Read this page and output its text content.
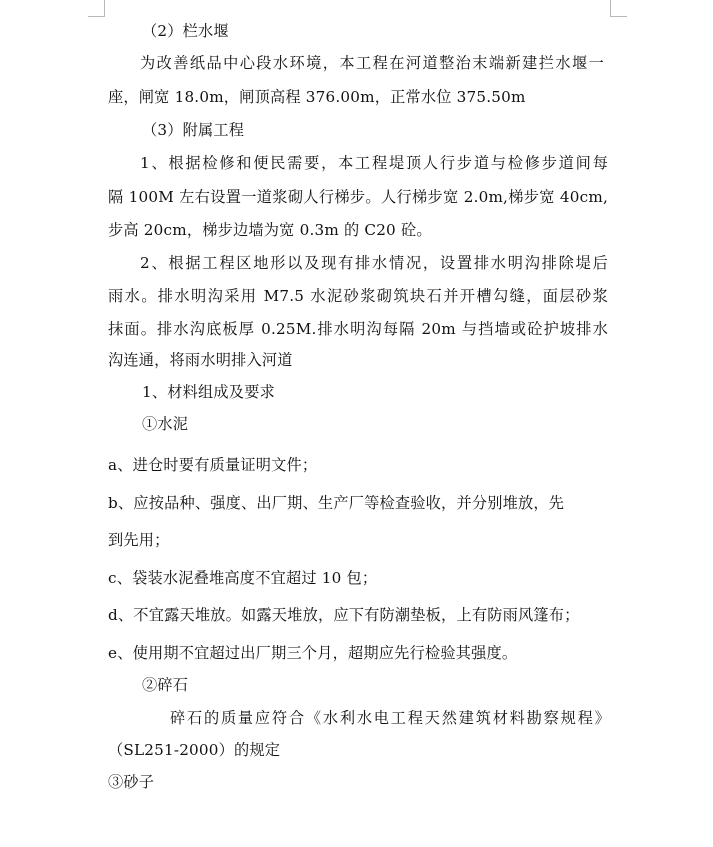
（2）栏水堰
为改善纸品中心段水环境，本工程在河道整治末端新建拦水堰一
座，闸宽 18.0m，闸顶高程 376.00m，正常水位 375.50m
（3）附属工程
1、根据检修和便民需要，本工程堤顶人行步道与检修步道间每
隔 100M 左右设置一道浆砌人行梯步。人行梯步宽 2.0m,梯步宽 40cm,
步高 20cm，梯步边墙为宽 0.3m 的 C20 砼。
2、根据工程区地形以及现有排水情况，设置排水明沟排除堤后
雨水。排水明沟采用 M7.5 水泥砂浆砌筑块石并开槽勾缝，面层砂浆
抹面。排水沟底板厚 0.25M.排水明沟每隔 20m 与挡墙或砼护坡排水
沟连通，将雨水明排入河道
1、材料组成及要求
①水泥
a、进仓时要有质量证明文件；
b、应按品种、强度、出厂期、生产厂等检查验收，并分别堆放，先
到先用；
c、袋装水泥叠堆高度不宜超过 10 包；
d、不宜露天堆放。如露天堆放，应下有防潮垫板，上有防雨风篷布；
e、使用期不宜超过出厂期三个月，超期应先行检验其强度。
②碎石
碎石的质量应符合《水利水电工程天然建筑材料勘察规程》
（SL251-2000）的规定
③砂子
